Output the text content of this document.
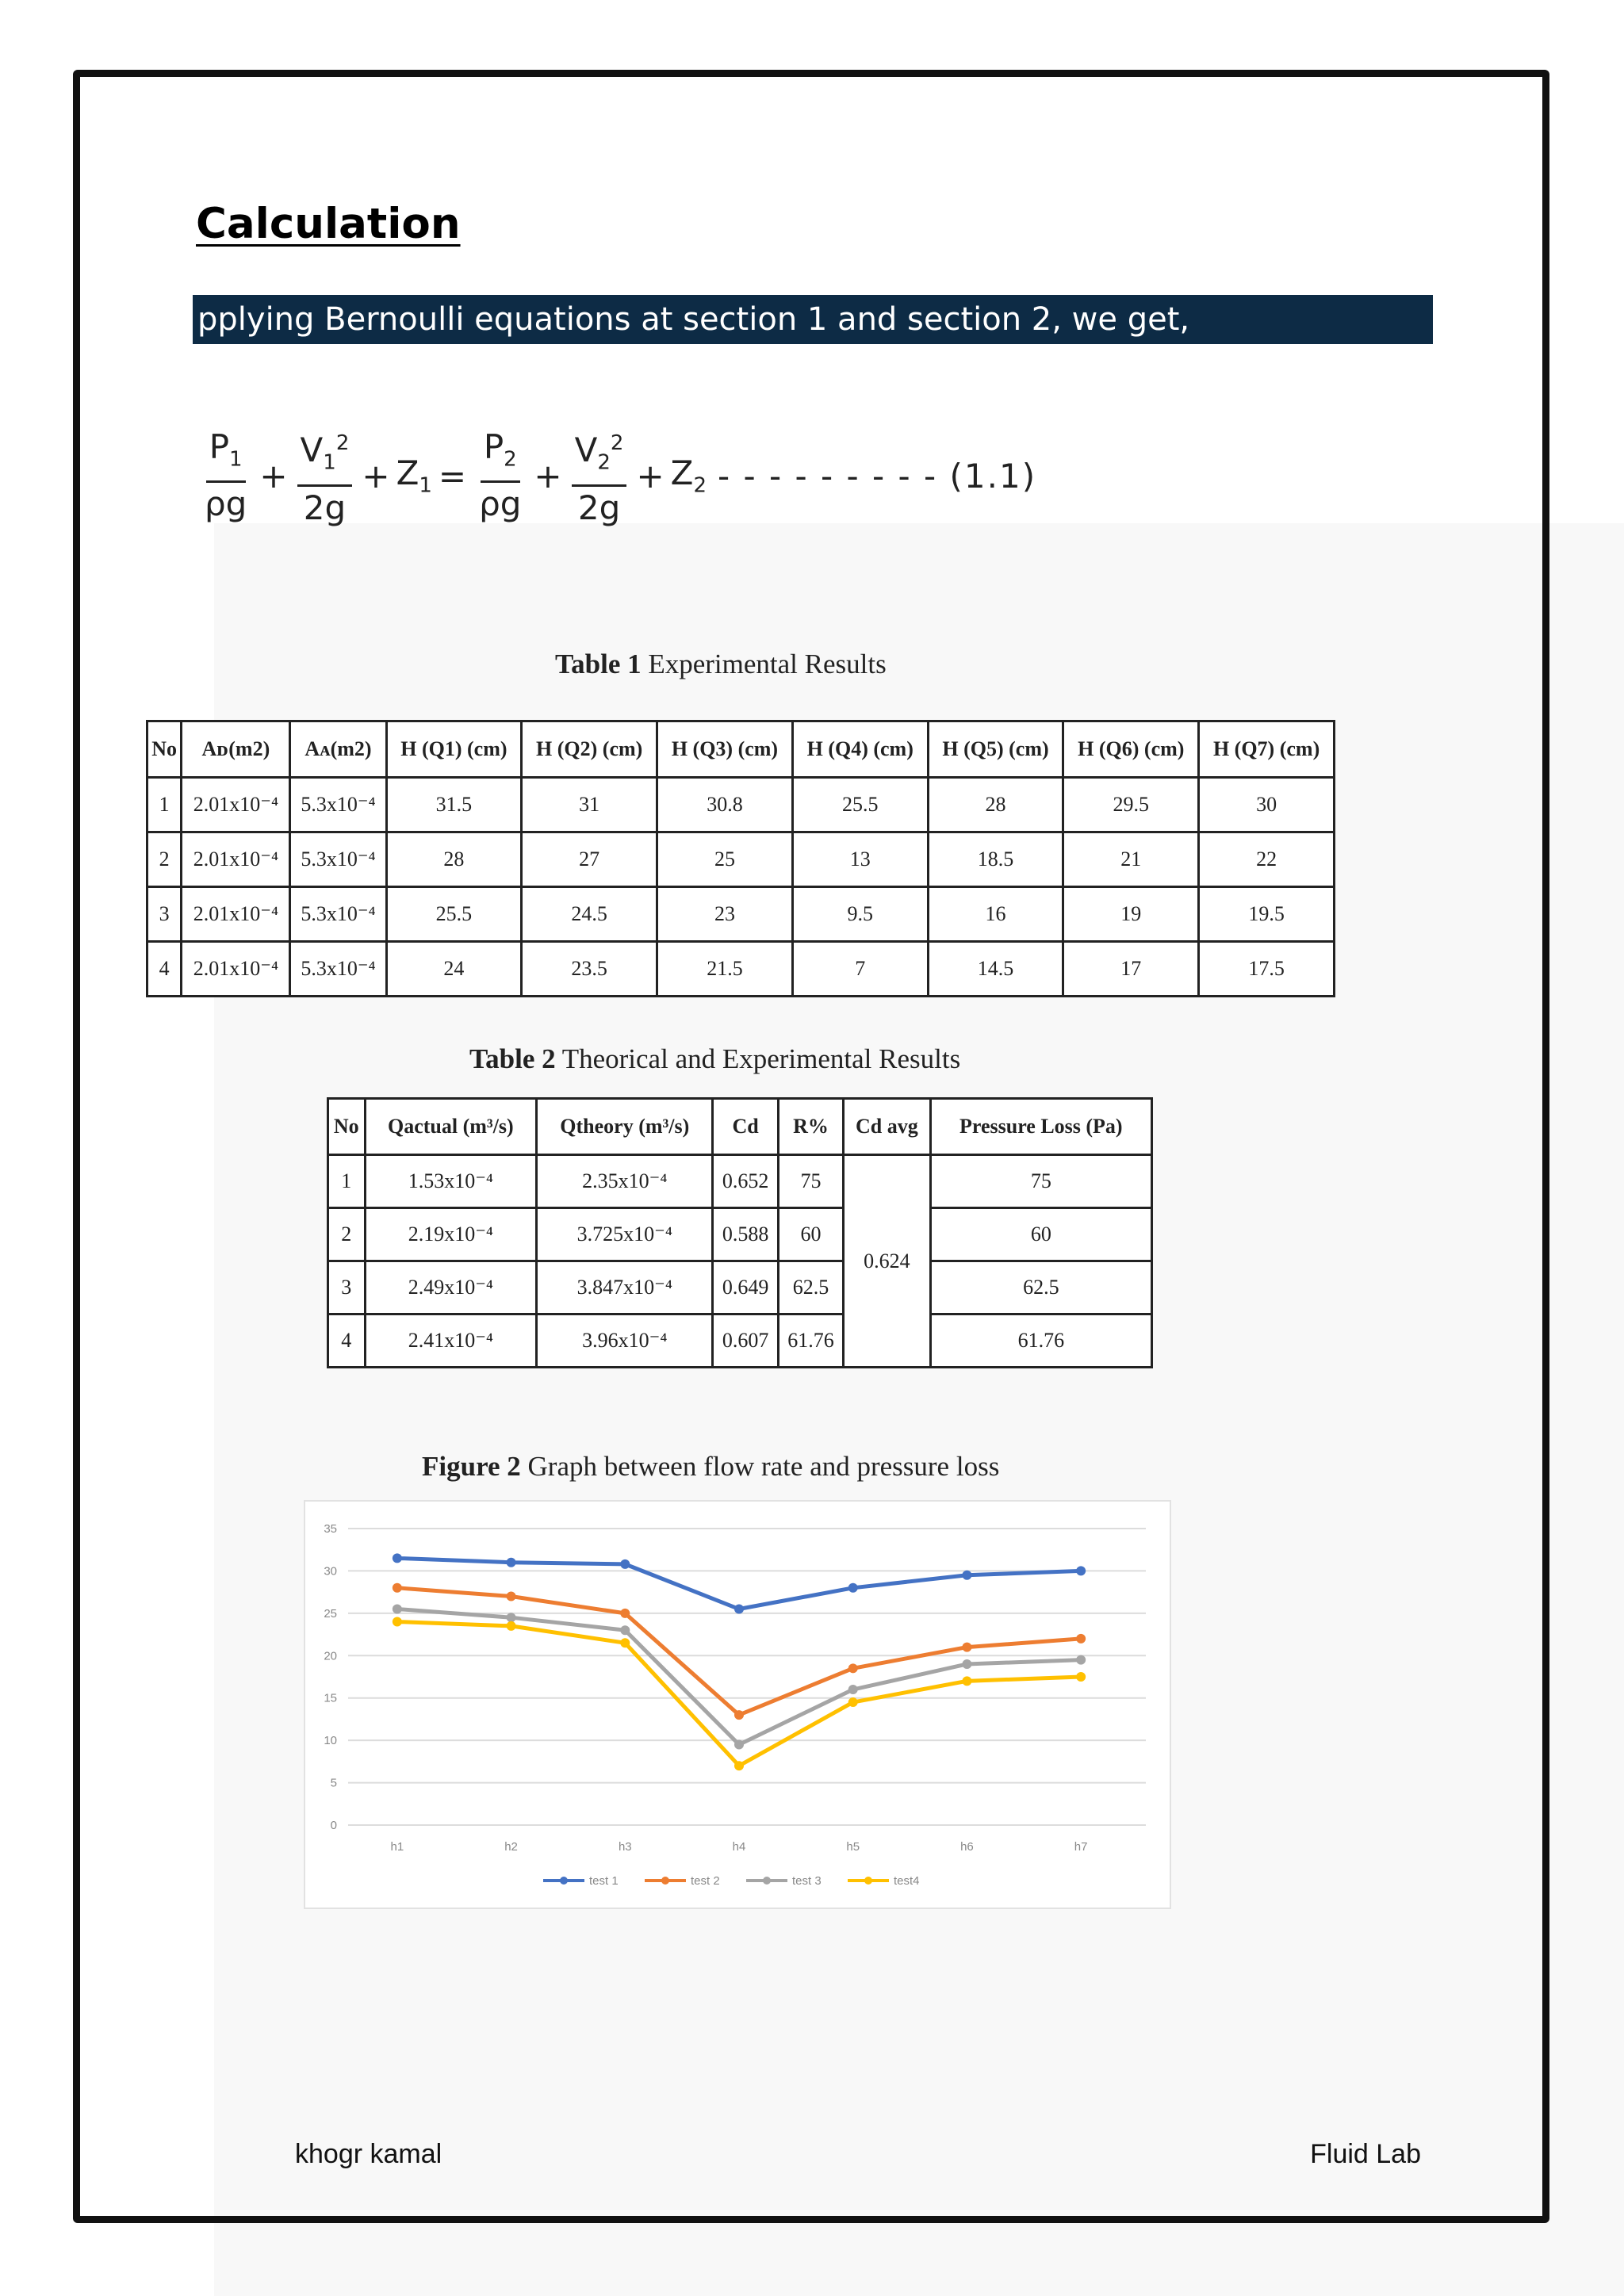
Calculation
pplying Bernoulli equations at section 1 and section 2, we get,
$\frac{P_1}{\rho g} + \frac{V_1^2}{2g} + Z_1 = \frac{P_2}{\rho g} + \frac{V_2^2}{2g} + Z_2$ - - - - - - - - - (1.1)
Table 1 Experimental Results
No	Aᴅ(m2)	Aᴀ(m2)	H (Q1) (cm)	H (Q2) (cm)	H (Q3) (cm)	H (Q4) (cm)	H (Q5) (cm)	H (Q6) (cm)	H (Q7) (cm)
1	2.01x10⁻⁴	5.3x10⁻⁴	31.5	31	30.8	25.5	28	29.5	30
2	2.01x10⁻⁴	5.3x10⁻⁴	28	27	25	13	18.5	21	22
3	2.01x10⁻⁴	5.3x10⁻⁴	25.5	24.5	23	9.5	16	19	19.5
4	2.01x10⁻⁴	5.3x10⁻⁴	24	23.5	21.5	7	14.5	17	17.5
Table 2 Theorical and Experimental Results
No	Qactual (m³/s)	Qtheory (m³/s)	Cd	R%	Cd avg	Pressure Loss (Pa)
1	1.53x10⁻⁴	2.35x10⁻⁴	0.652	75	0.624	75
2	2.19x10⁻⁴	3.725x10⁻⁴	0.588	60		60
3	2.49x10⁻⁴	3.847x10⁻⁴	0.649	62.5		62.5
4	2.41x10⁻⁴	3.96x10⁻⁴	0.607	61.76		61.76
Figure 2 Graph between flow rate and pressure loss
0
5
10
15
20
25
30
35
h1	h2	h3	h4	h5	h6	h7
test 1	test 2	test 3	test4
khogr kamal	Fluid Lab
